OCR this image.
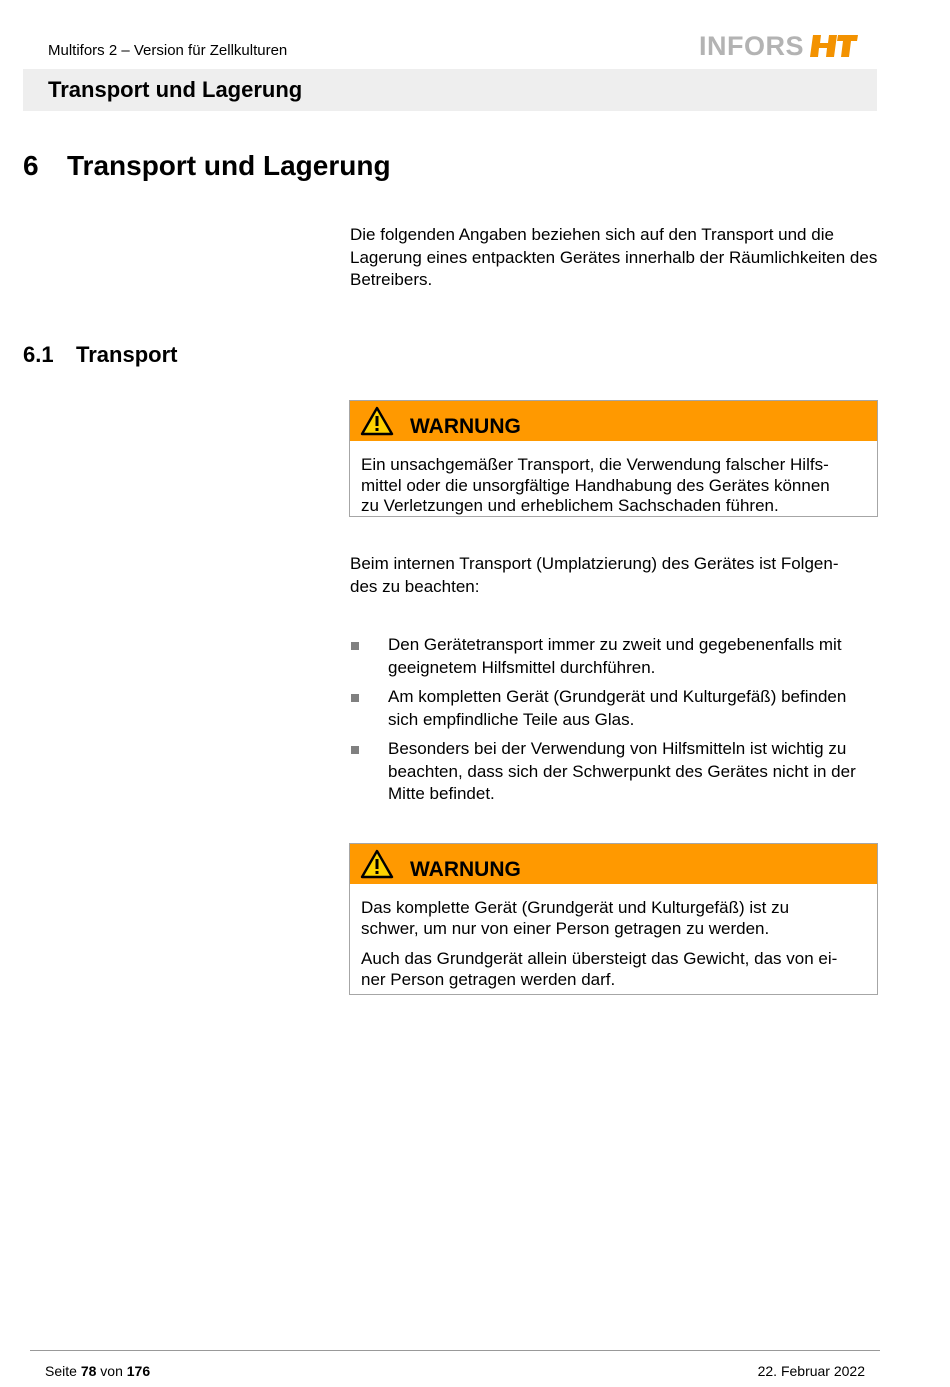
Multifors 2 – Version für Zellkulturen	INFORS
Transport und Lagerung
6 Transport und Lagerung
Die folgenden Angaben beziehen sich auf den Transport und die Lagerung eines entpackten Gerätes innerhalb der Räumlichkeiten des Betreibers.
6.1 Transport
WARNUNG
Ein unsachgemäßer Transport, die Verwendung falscher Hilfs-
mittel oder die unsorgfältige Handhabung des Gerätes können
zu Verletzungen und erheblichem Sachschaden führen.
Beim internen Transport (Umplatzierung) des Gerätes ist Folgen-
des zu beachten:
Den Gerätetransport immer zu zweit und gegebenenfalls mit
geeignetem Hilfsmittel durchführen.
Am kompletten Gerät (Grundgerät und Kulturgefäß) befinden
sich empfindliche Teile aus Glas.
Besonders bei der Verwendung von Hilfsmitteln ist wichtig zu
beachten, dass sich der Schwerpunkt des Gerätes nicht in der
Mitte befindet.
WARNUNG

Das komplette Gerät (Grundgerät und Kulturgefäß) ist zu
schwer, um nur von einer Person getragen zu werden.

Auch das Grundgerät allein übersteigt das Gewicht, das von ei-
ner Person getragen werden darf.

Seite 78 von 176	22. Februar 2022
